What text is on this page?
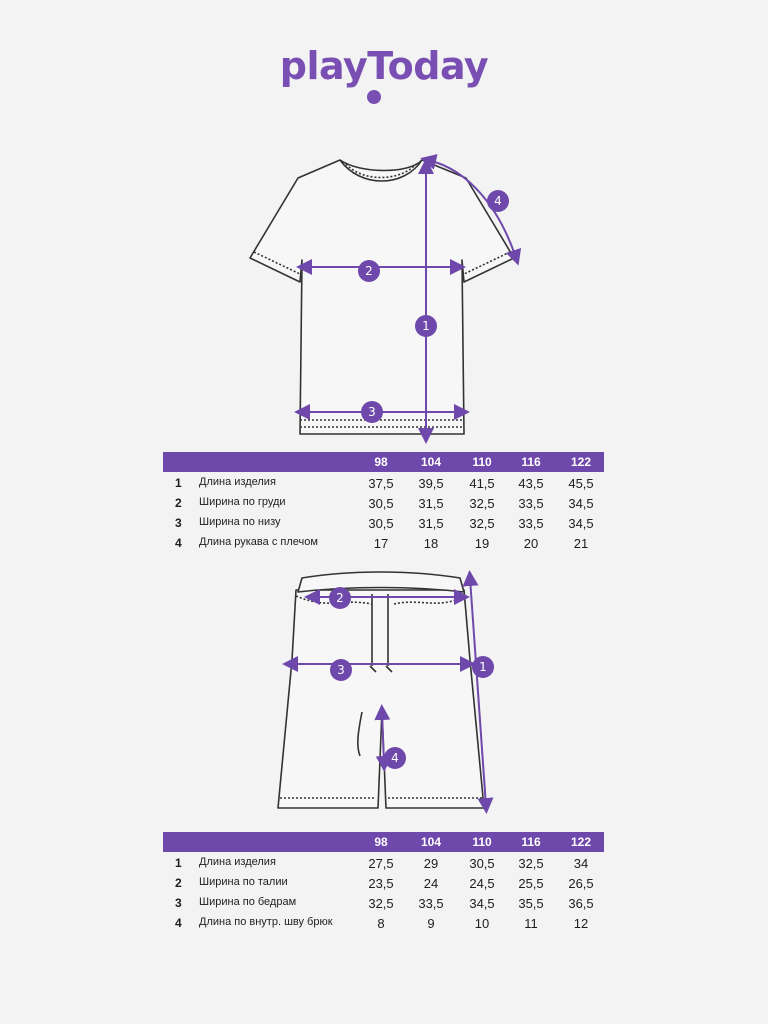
playToday
1
2
3
4
98	104	110	116	122
1 Длина изделия	37,5	39,5	41,5	43,5	45,5
2 Ширина по груди	30,5	31,5	32,5	33,5	34,5
3 Ширина по низу	30,5	31,5	32,5	33,5	34,5
4 Длина рукава с плечом	17	18	19	20	21
1
2
3
4
98	104	110	116	122
1 Длина изделия	27,5	29	30,5	32,5	34
2 Ширина по талии	23,5	24	24,5	25,5	26,5
3 Ширина по бедрам	32,5	33,5	34,5	35,5	36,5
4 Длина по внутр. шву брюк	8	9	10	11	12
